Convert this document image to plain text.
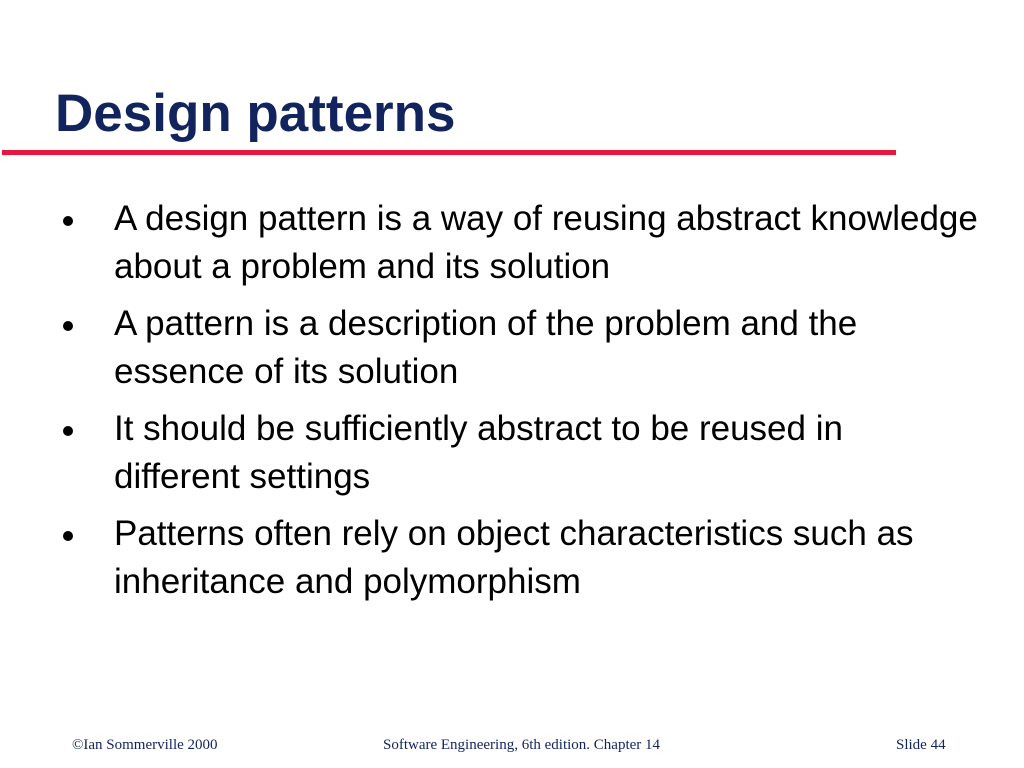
Design patterns
A design pattern is a way of reusing abstract knowledge about a problem and its solution
A pattern is a description of the problem and the essence of its solution
It should be sufficiently abstract to be reused in different settings
Patterns often rely on object characteristics such as inheritance and polymorphism
©Ian Sommerville 2000	Software Engineering, 6th edition. Chapter 14	Slide 44
